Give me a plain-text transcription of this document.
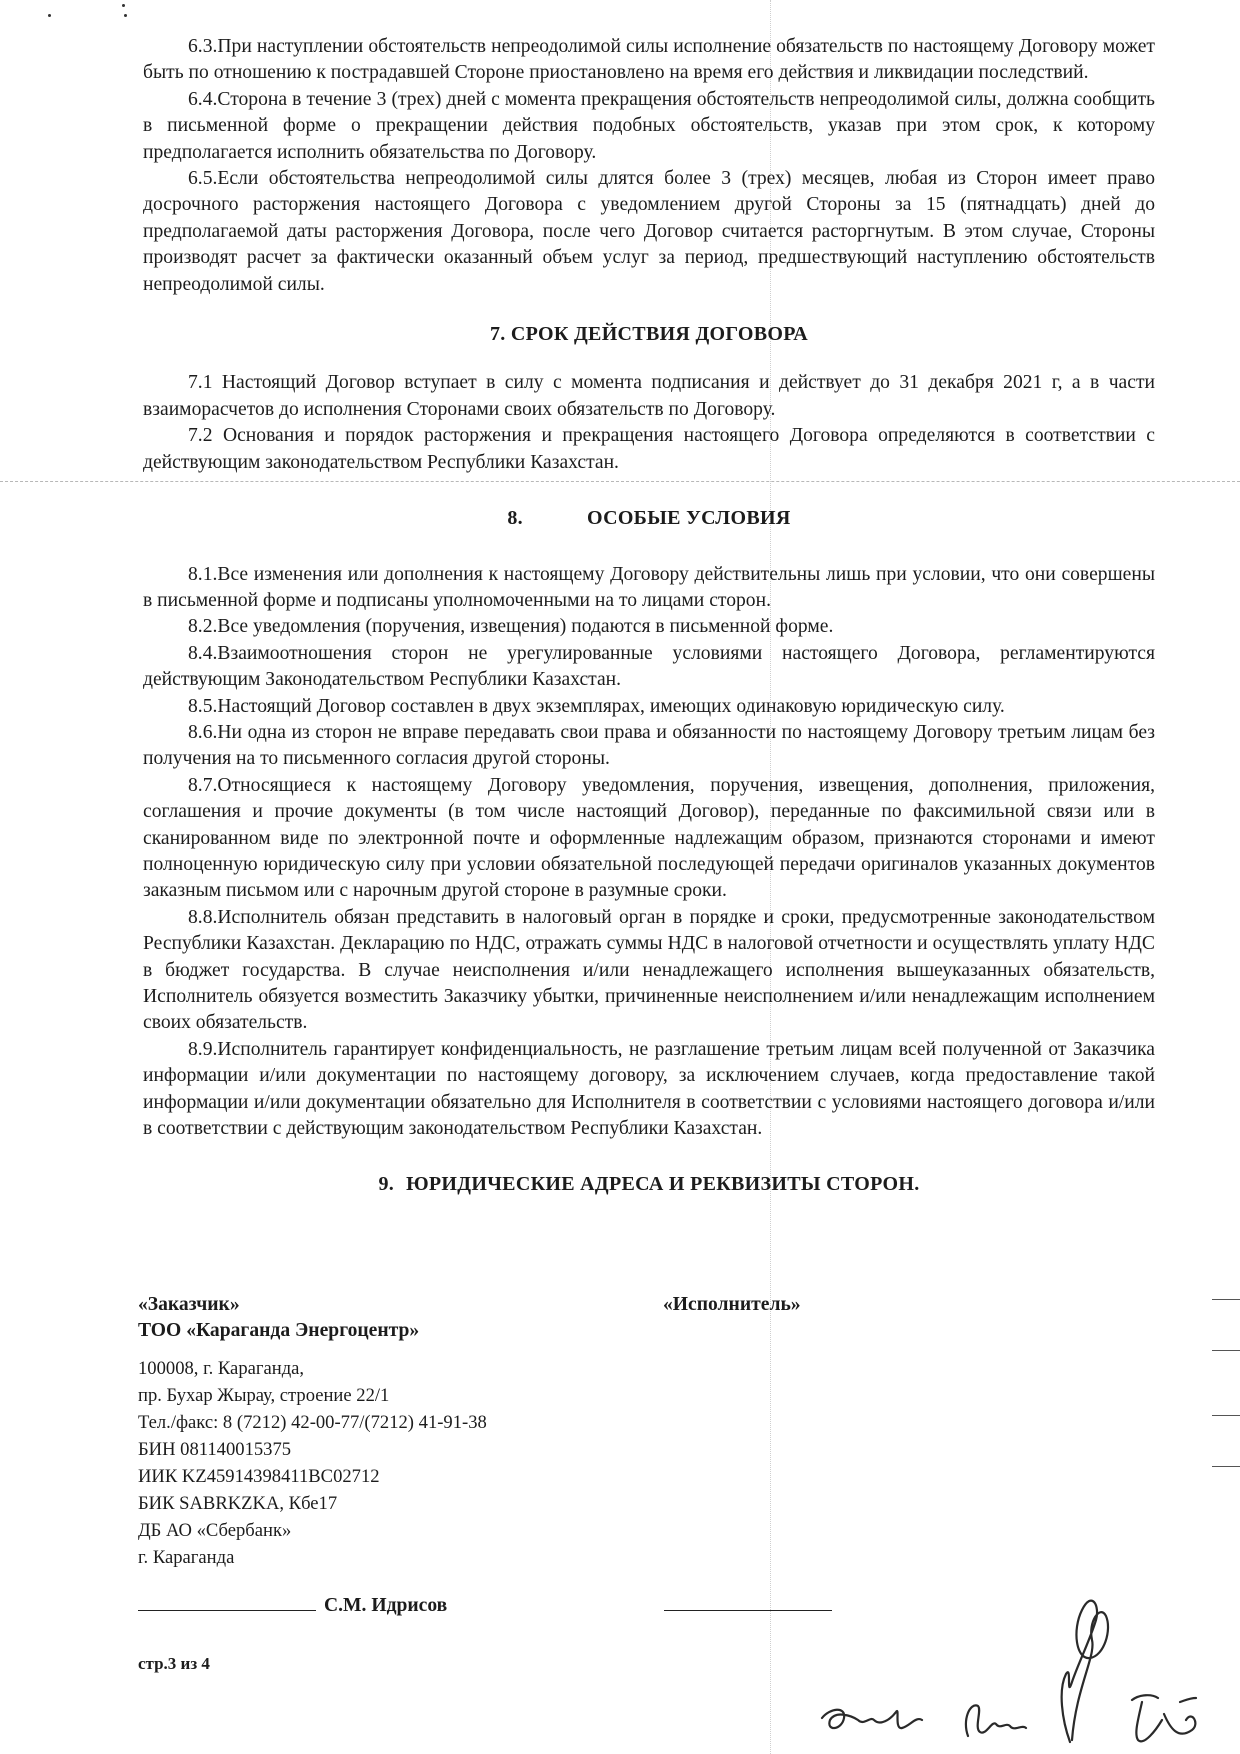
6.3.При наступлении обстоятельств непреодолимой силы исполнение обязательств по настоящему Договору может быть по отношению к пострадавшей Стороне приостановлено на время его действия и ликвидации последствий.

6.4.Сторона в течение 3 (трех) дней с момента прекращения обстоятельств непреодолимой силы, должна сообщить в письменной форме о прекращении действия подобных обстоятельств, указав при этом срок, к которому предполагается исполнить обязательства по Договору.

6.5.Если обстоятельства непреодолимой силы длятся более 3 (трех) месяцев, любая из Сторон имеет право досрочного расторжения настоящего Договора с уведомлением другой Стороны за 15 (пятнадцать) дней до предполагаемой даты расторжения Договора, после чего Договор считается расторгнутым. В этом случае, Стороны производят расчет за фактически оказанный объем услуг за период, предшествующий наступлению обстоятельств непреодолимой силы.

7. СРОК ДЕЙСТВИЯ ДОГОВОРА

7.1 Настоящий Договор вступает в силу с момента подписания и действует до 31 декабря 2021 г, а в части взаиморасчетов до исполнения Сторонами своих обязательств по Договору.

7.2 Основания и порядок расторжения и прекращения настоящего Договора определяются в соответствии с действующим законодательством Республики Казахстан.

8.	ОСОБЫЕ УСЛОВИЯ

8.1.Все изменения или дополнения к настоящему Договору действительны лишь при условии, что они совершены в письменной форме и подписаны уполномоченными на то лицами сторон.

8.2.Все уведомления (поручения, извещения) подаются в письменной форме.

8.4.Взаимоотношения сторон не урегулированные условиями настоящего Договора, регламентируются действующим Законодательством Республики Казахстан.

8.5.Настоящий Договор составлен в двух экземплярах, имеющих одинаковую юридическую силу.

8.6.Ни одна из сторон не вправе передавать свои права и обязанности по настоящему Договору третьим лицам без получения на то письменного согласия другой стороны.

8.7.Относящиеся к настоящему Договору уведомления, поручения, извещения, дополнения, приложения, соглашения и прочие документы (в том числе настоящий Договор), переданные по факсимильной связи или в сканированном виде по электронной почте и оформленные надлежащим образом, признаются сторонами и имеют полноценную юридическую силу при условии обязательной последующей передачи оригиналов указанных документов заказным письмом или с нарочным другой стороне в разумные сроки.

8.8.Исполнитель обязан представить в налоговый орган в порядке и сроки, предусмотренные законодательством Республики Казахстан. Декларацию по НДС, отражать суммы НДС в налоговой отчетности и осуществлять уплату НДС в бюджет государства. В случае неисполнения и/или ненадлежащего исполнения вышеуказанных обязательств, Исполнитель обязуется возместить Заказчику убытки, причиненные неисполнением и/или ненадлежащим исполнением своих обязательств.

8.9.Исполнитель гарантирует конфиденциальность, не разглашение третьим лицам всей полученной от Заказчика информации и/или документации по настоящему договору, за исключением случаев, когда предоставление такой информации и/или документации обязательно для Исполнителя в соответствии с условиями настоящего договора и/или в соответствии с действующим законодательством Республики Казахстан.

9. ЮРИДИЧЕСКИЕ АДРЕСА И РЕКВИЗИТЫ СТОРОН.
«Заказчик»
ТОО «Караганда Энергоцентр»
100008, г. Караганда,
пр. Бухар Жырау, строение 22/1
Тел./факс: 8 (7212) 42-00-77/(7212) 41-91-38
БИН 081140015375
ИИК KZ45914398411BC02712
БИК SABRKZKA, Кбе17
ДБ АО «Сбербанк»
г. Караганда
«Исполнитель»
С.М. Идрисов
стр.3 из 4
